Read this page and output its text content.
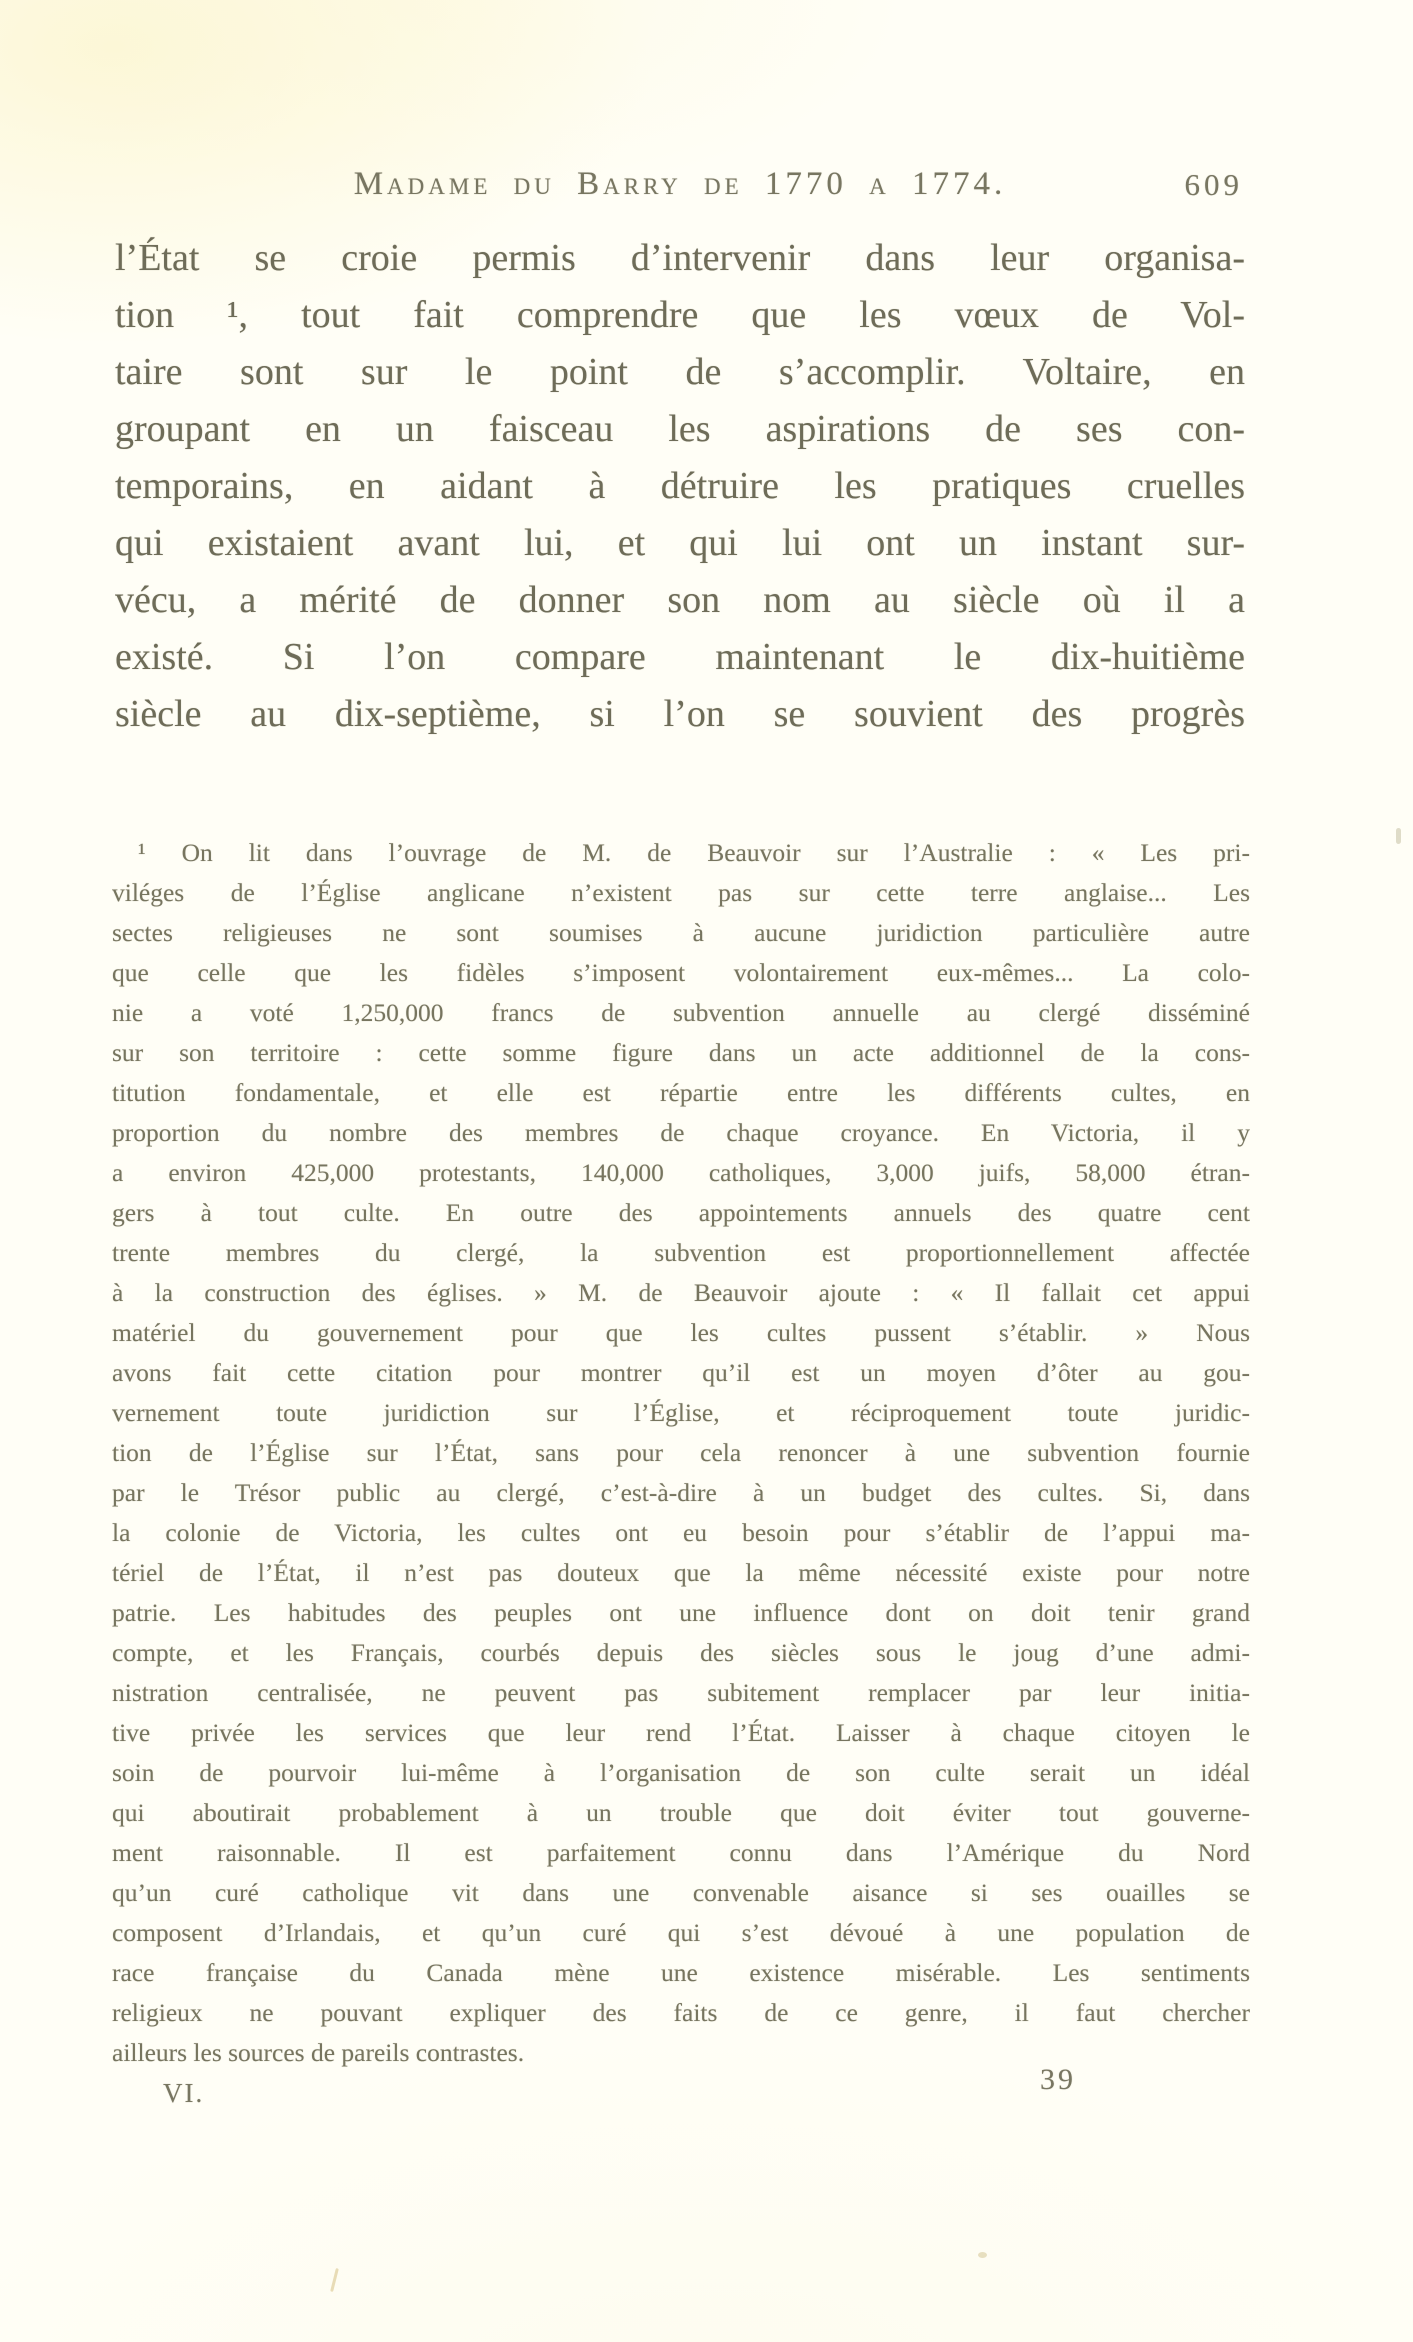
Madame du Barry de 1770 a 1774.	609
l’État se croie permis d’intervenir dans leur organisa-
tion ¹, tout fait comprendre que les vœux de Vol-
taire sont sur le point de s’accomplir. Voltaire, en
groupant en un faisceau les aspirations de ses con-
temporains, en aidant à détruire les pratiques cruelles
qui existaient avant lui, et qui lui ont un instant sur-
vécu, a mérité de donner son nom au siècle où il a
existé. Si l’on compare maintenant le dix-huitième
siècle au dix-septième, si l’on se souvient des progrès
¹ On lit dans l’ouvrage de M. de Beauvoir sur l’Australie : « Les pri-
viléges de l’Église anglicane n’existent pas sur cette terre anglaise... Les
sectes religieuses ne sont soumises à aucune juridiction particulière autre
que celle que les fidèles s’imposent volontairement eux-mêmes... La colo-
nie a voté 1,250,000 francs de subvention annuelle au clergé disséminé
sur son territoire : cette somme figure dans un acte additionnel de la cons-
titution fondamentale, et elle est répartie entre les différents cultes, en
proportion du nombre des membres de chaque croyance. En Victoria, il y
a environ 425,000 protestants, 140,000 catholiques, 3,000 juifs, 58,000 étran-
gers à tout culte. En outre des appointements annuels des quatre cent
trente membres du clergé, la subvention est proportionnellement affectée
à la construction des églises. » M. de Beauvoir ajoute : « Il fallait cet appui
matériel du gouvernement pour que les cultes pussent s’établir. » Nous
avons fait cette citation pour montrer qu’il est un moyen d’ôter au gou-
vernement toute juridiction sur l’Église, et réciproquement toute juridic-
tion de l’Église sur l’État, sans pour cela renoncer à une subvention fournie
par le Trésor public au clergé, c’est-à-dire à un budget des cultes. Si, dans
la colonie de Victoria, les cultes ont eu besoin pour s’établir de l’appui ma-
tériel de l’État, il n’est pas douteux que la même nécessité existe pour notre
patrie. Les habitudes des peuples ont une influence dont on doit tenir grand
compte, et les Français, courbés depuis des siècles sous le joug d’une admi-
nistration centralisée, ne peuvent pas subitement remplacer par leur initia-
tive privée les services que leur rend l’État. Laisser à chaque citoyen le
soin de pourvoir lui-même à l’organisation de son culte serait un idéal
qui aboutirait probablement à un trouble que doit éviter tout gouverne-
ment raisonnable. Il est parfaitement connu dans l’Amérique du Nord
qu’un curé catholique vit dans une convenable aisance si ses ouailles se
composent d’Irlandais, et qu’un curé qui s’est dévoué à une population de
race française du Canada mène une existence misérable. Les sentiments
religieux ne pouvant expliquer des faits de ce genre, il faut chercher
ailleurs les sources de pareils contrastes.
VI.	39
